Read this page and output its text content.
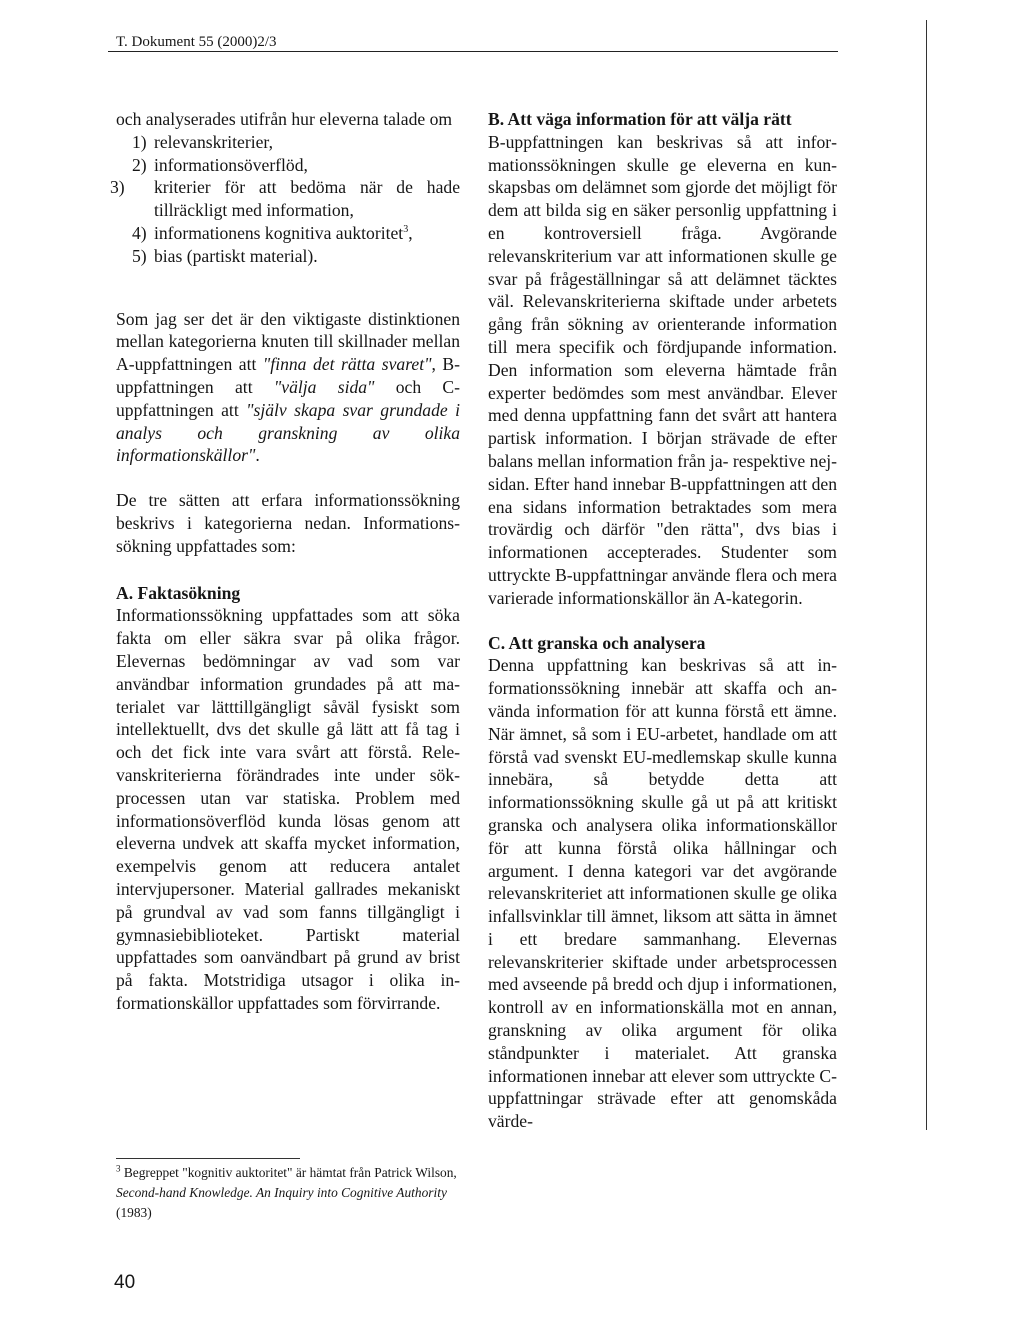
T. Dokument 55 (2000)2/3

och analyserades utifrån hur eleverna talade om

1) relevanskriterier,
2) informationsöverflöd,
3) kriterier för att bedöma när de hade tillräckligt med information,
4) informationens kognitiva auktoritet$^3$,
5) bias (partiskt material).

Som jag ser det är den viktigaste distinktionen mellan kategorierna knuten till skillnader mellan A-uppfattningen att "finna det rätta svaret", B-uppfattningen att "välja sida" och C-uppfattningen att "själv skapa svar grundade i analys och granskning av olika informationskällor".

De tre sätten att erfara informationssökning beskrivs i kategorierna nedan. Informationssökning uppfattades som:

A. Faktasökning
Informationssökning uppfattades som att söka fakta om eller säkra svar på olika frågor. Elevernas bedömningar av vad som var användbar information grundades på att materialet var lätttillgängligt såväl fysiskt som intellektuellt, dvs det skulle gå lätt att få tag i och det fick inte vara svårt att förstå. Relevanskriterierna förändrades inte under sökprocessen utan var statiska. Problem med informationsöverflöd kunda lösas genom att eleverna undvek att skaffa mycket information, exempelvis genom att reducera antalet intervjupersoner. Material gallrades mekaniskt på grundval av vad som fanns tillgängligt i gymnasiebiblioteket. Partiskt material uppfattades som oanvändbart på grund av brist på fakta. Motstridiga utsagor i olika informationskällor uppfattades som förvirrande.

B. Att väga information för att välja rätt
B-uppfattningen kan beskrivas så att informationssökningen skulle ge eleverna en kunskapsbas om delämnet som gjorde det möjligt för dem att bilda sig en säker personlig uppfattning i en kontroversiell fråga. Avgörande relevanskriterium var att informationen skulle ge svar på frågeställningar så att delämnet täcktes väl. Relevanskriterierna skiftade under arbetets gång från sökning av orienterande information till mera specifik och fördjupande information. Den information som eleverna hämtade från experter bedömdes som mest användbar. Elever med denna uppfattning fann det svårt att hantera partisk information. I början strävade de efter balans mellan information från ja- respektive nej-sidan. Efter hand innebar B-uppfattningen att den ena sidans information betraktades som mera trovärdig och därför "den rätta", dvs bias i informationen accepterades. Studenter som uttryckte B-uppfattningar använde flera och mera varierade informationskällor än A-kategorin.

C. Att granska och analysera
Denna uppfattning kan beskrivas så att informationssökning innebär att skaffa och använda information för att kunna förstå ett ämne. När ämnet, så som i EU-arbetet, handlade om att förstå vad svenskt EU-medlemskap skulle kunna innebära, så betydde detta att informationssökning skulle gå ut på att kritiskt granska och analysera olika informationskällor för att kunna förstå olika hållningar och argument. I denna kategori var det avgörande relevanskriteriet att informationen skulle ge olika infallsvinklar till ämnet, liksom att sätta in ämnet i ett bredare sammanhang. Elevernas relevanskriterier skiftade under arbetsprocessen med avseende på bredd och djup i informationen, kontroll av en informationskälla mot en annan, granskning av olika argument för olika ståndpunkter i materialet. Att granska informationen innebar att elever som uttryckte C-uppfattningar strävade efter att genomskåda värde-

$^3$ Begreppet "kognitiv auktoritet" är hämtat från Patrick Wilson, Second-hand Knowledge. An Inquiry into Cognitive Authority (1983)
40
